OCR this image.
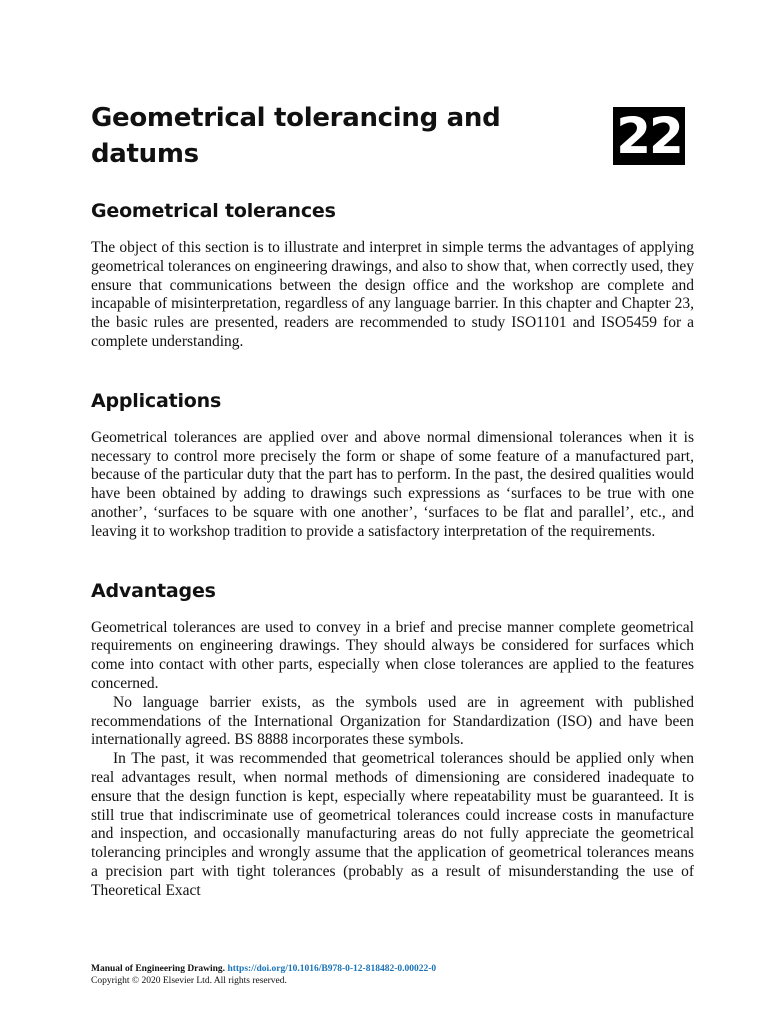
Geometrical tolerancing and datums	22
Geometrical tolerances

The object of this section is to illustrate and interpret in simple terms the advantages of applying geometrical tolerances on engineering drawings, and also to show that, when correctly used, they ensure that communications between the design office and the workshop are complete and incapable of misinterpretation, regardless of any language barrier. In this chapter and Chapter 23, the basic rules are presented, readers are recommended to study ISO1101 and ISO5459 for a complete understanding.

Applications

Geometrical tolerances are applied over and above normal dimensional tolerances when it is necessary to control more precisely the form or shape of some feature of a manufactured part, because of the particular duty that the part has to perform. In the past, the desired qualities would have been obtained by adding to drawings such expressions as ‘surfaces to be true with one another’, ‘surfaces to be square with one another’, ‘surfaces to be flat and parallel’, etc., and leaving it to workshop tradition to provide a satisfactory interpretation of the requirements.

Advantages

Geometrical tolerances are used to convey in a brief and precise manner complete geometrical requirements on engineering drawings. They should always be considered for surfaces which come into contact with other parts, especially when close tolerances are applied to the features concerned.

No language barrier exists, as the symbols used are in agreement with published recommendations of the International Organization for Standardization (ISO) and have been internationally agreed. BS 8888 incorporates these symbols.

In The past, it was recommended that geometrical tolerances should be applied only when real advantages result, when normal methods of dimensioning are considered inadequate to ensure that the design function is kept, especially where repeatability must be guaranteed. It is still true that indiscriminate use of geometrical tolerances could increase costs in manufacture and inspection, and occasionally manufacturing areas do not fully appreciate the geometrical tolerancing principles and wrongly assume that the application of geometrical tolerances means a precision part with tight tolerances (probably as a result of misunderstanding the use of Theoretical Exact

Manual of Engineering Drawing. https://doi.org/10.1016/B978-0-12-818482-0.00022-0
Copyright © 2020 Elsevier Ltd. All rights reserved.
